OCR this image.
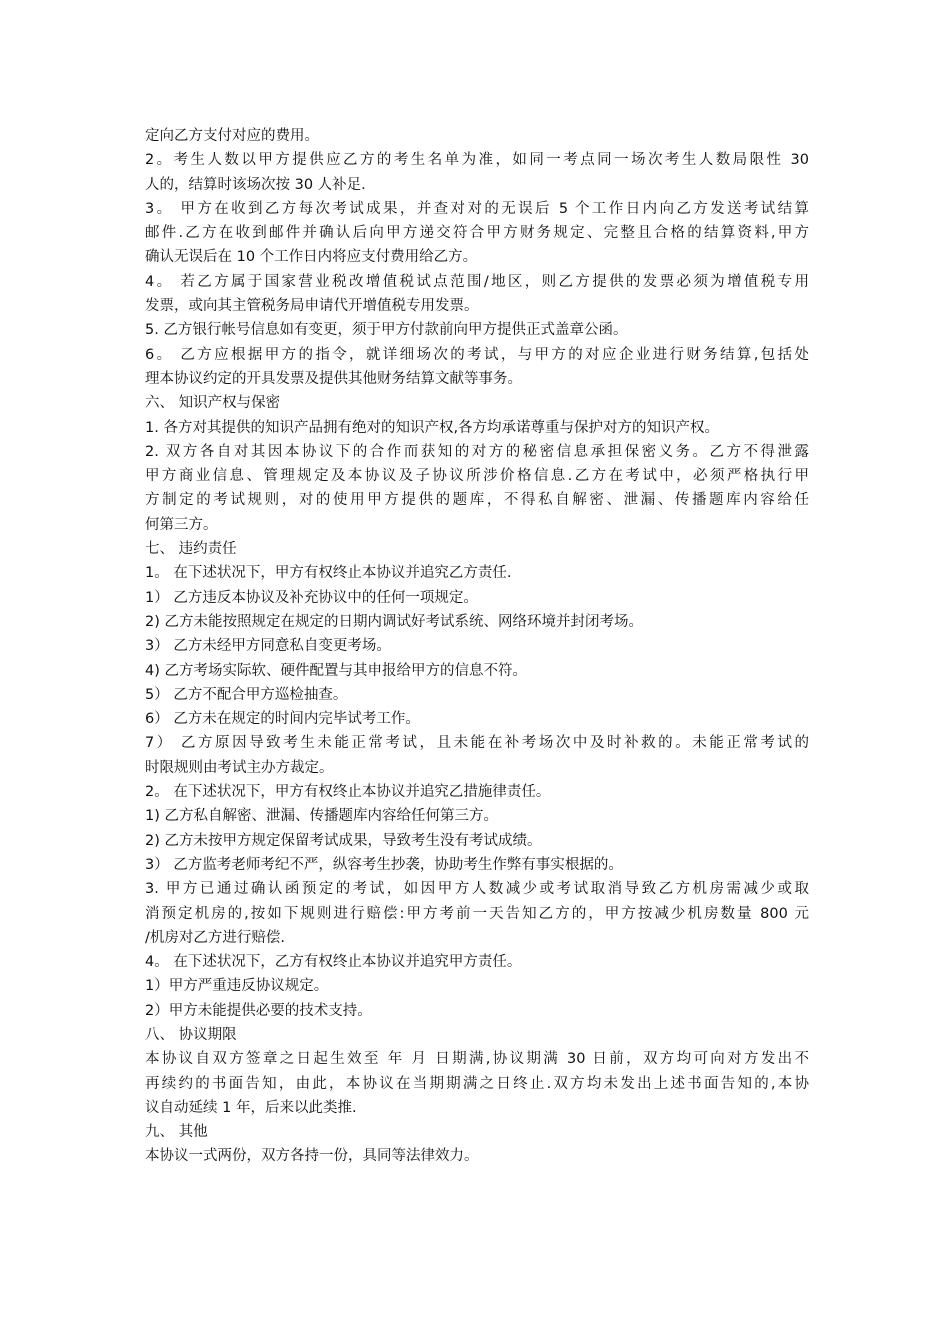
定向乙方支付对应的费用。
2。考生人数以甲方提供应乙方的考生名单为准，如同一考点同一场次考生人数局限性 30
人的，结算时该场次按 30 人补足.
3。 甲方在收到乙方每次考试成果，并查对对的无误后 5 个工作日内向乙方发送考试结算
邮件.乙方在收到邮件并确认后向甲方递交符合甲方财务规定、完整且合格的结算资料,甲方
确认无误后在 10 个工作日内将应支付费用给乙方。
4。 若乙方属于国家营业税改增值税试点范围/地区，则乙方提供的发票必须为增值税专用
发票，或向其主管税务局申请代开增值税专用发票。
5. 乙方银行帐号信息如有变更，须于甲方付款前向甲方提供正式盖章公函。
6。 乙方应根据甲方的指令，就详细场次的考试，与甲方的对应企业进行财务结算,包括处
理本协议约定的开具发票及提供其他财务结算文献等事务。
六、 知识产权与保密
1. 各方对其提供的知识产品拥有绝对的知识产权,各方均承诺尊重与保护对方的知识产权。
2. 双方各自对其因本协议下的合作而获知的对方的秘密信息承担保密义务。乙方不得泄露
甲方商业信息、管理规定及本协议及子协议所涉价格信息.乙方在考试中，必须严格执行甲
方制定的考试规则，对的使用甲方提供的题库，不得私自解密、泄漏、传播题库内容给任
何第三方。
七、 违约责任
1。 在下述状况下，甲方有权终止本协议并追究乙方责任.
1） 乙方违反本协议及补充协议中的任何一项规定。
2) 乙方未能按照规定在规定的日期内调试好考试系统、网络环境并封闭考场。
3） 乙方未经甲方同意私自变更考场。
4) 乙方考场实际软、硬件配置与其申报给甲方的信息不符。
5） 乙方不配合甲方巡检抽查。
6） 乙方未在规定的时间内完毕试考工作。
7） 乙方原因导致考生未能正常考试，且未能在补考场次中及时补救的。未能正常考试的
时限规则由考试主办方裁定。
2。 在下述状况下，甲方有权终止本协议并追究乙措施律责任。
1) 乙方私自解密、泄漏、传播题库内容给任何第三方。
2) 乙方未按甲方规定保留考试成果，导致考生没有考试成绩。
3） 乙方监考老师考纪不严，纵容考生抄袭，协助考生作弊有事实根据的。
3. 甲方已通过确认函预定的考试，如因甲方人数减少或考试取消导致乙方机房需减少或取
消预定机房的,按如下规则进行赔偿:甲方考前一天告知乙方的，甲方按减少机房数量 800 元
/机房对乙方进行赔偿.
4。 在下述状况下，乙方有权终止本协议并追究甲方责任。
1）甲方严重违反协议规定。
2）甲方未能提供必要的技术支持。
八、 协议期限
本协议自双方签章之日起生效至 年 月 日期满,协议期满 30 日前，双方均可向对方发出不
再续约的书面告知，由此，本协议在当期期满之日终止.双方均未发出上述书面告知的,本协
议自动延续 1 年，后来以此类推.
九、 其他
本协议一式两份，双方各持一份，具同等法律效力。
